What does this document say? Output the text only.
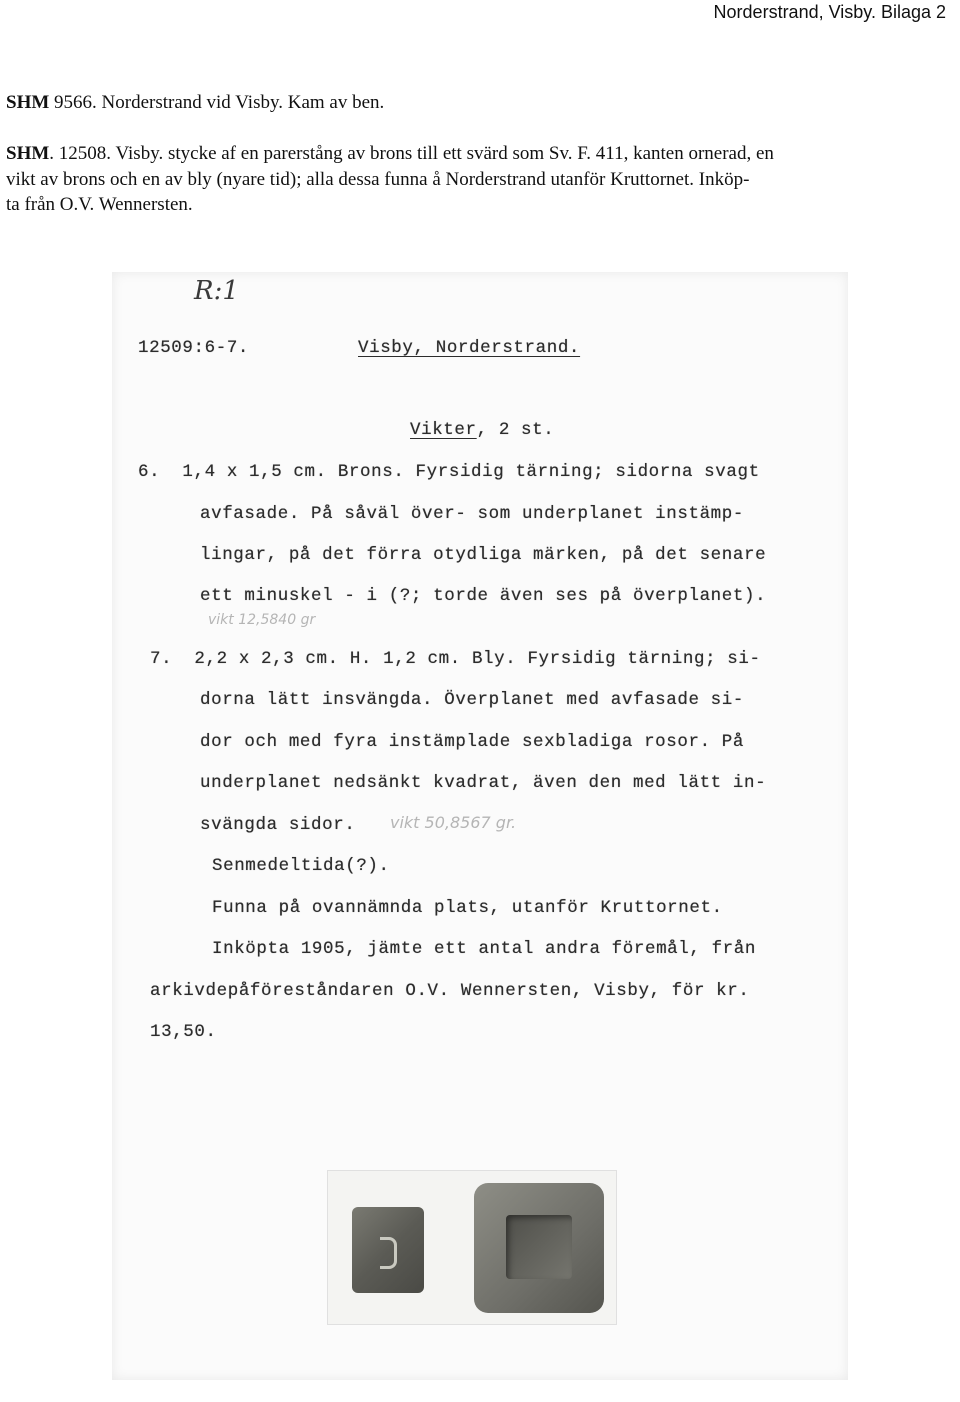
Norderstrand, Visby. Bilaga 2
SHM 9566. Norderstrand vid Visby. Kam av ben.
SHM. 12508. Visby. stycke af en parerstång av brons till ett svärd som Sv. F. 411, kanten ornerad, en
vikt av brons och en av bly (nyare tid); alla dessa funna å Norderstrand utanför Kruttornet. Inköp-
ta från O.V. Wennersten.
R:1
12509:6-7.	Visby, Norderstrand.
Vikter, 2 st.
6.  1,4 x 1,5 cm. Brons. Fyrsidig tärning; sidorna svagt
avfasade. På såväl över- som underplanet instämp-
lingar, på det förra otydliga märken, på det senare
ett minuskel - i (?; torde även ses på överplanet).
vikt 12,5840 gr
7.  2,2 x 2,3 cm. H. 1,2 cm. Bly. Fyrsidig tärning; si-
dorna lätt insvängda. Överplanet med avfasade si-
dor och med fyra instämplade sexbladiga rosor. På
underplanet nedsänkt kvadrat, även den med lätt in-
svängda sidor. vikt 50,8567 gr.
Senmedeltida(?).
Funna på ovannämnda plats, utanför Kruttornet.
Inköpta 1905, jämte ett antal andra föremål, från
arkivdepåföreståndaren O.V. Wennersten, Visby, för kr.
13,50.
